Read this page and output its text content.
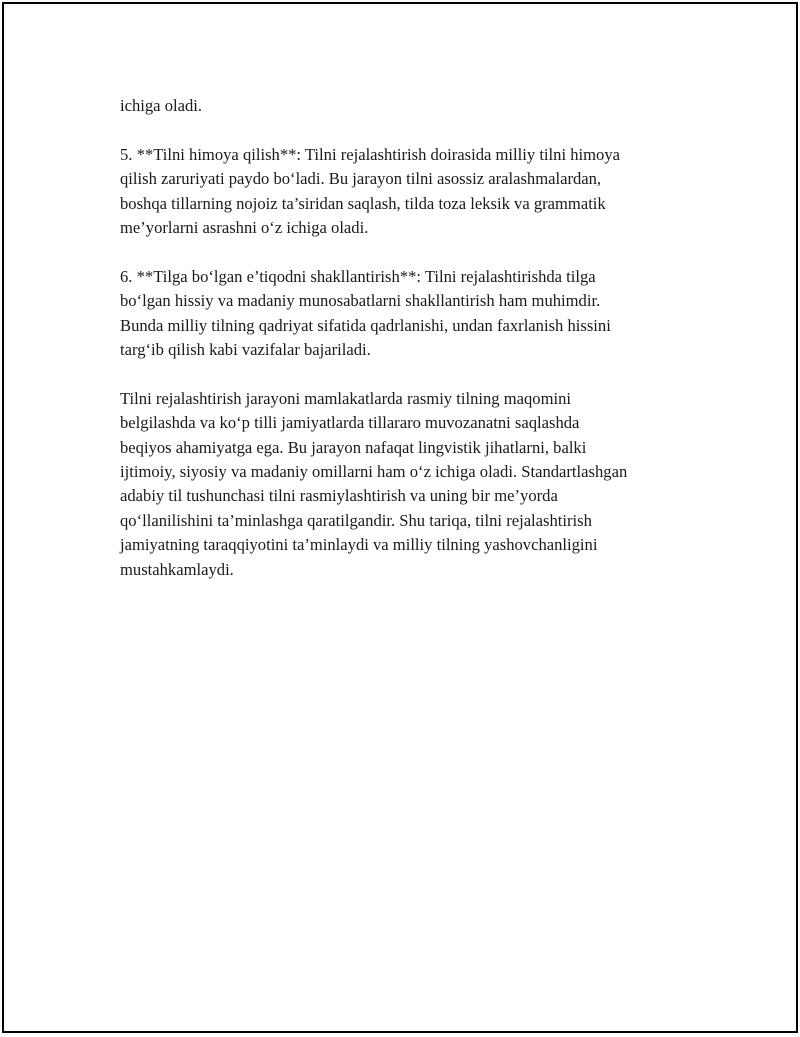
ichiga oladi.

5. **Tilni himoya qilish**: Tilni rejalashtirish doirasida milliy tilni himoya
qilish zaruriyati paydo bo‘ladi. Bu jarayon tilni asossiz aralashmalardan,
boshqa tillarning nojoiz ta’siridan saqlash, tilda toza leksik va grammatik
me’yorlarni asrashni o‘z ichiga oladi.

6. **Tilga bo‘lgan e’tiqodni shakllantirish**: Tilni rejalashtirishda tilga
bo‘lgan hissiy va madaniy munosabatlarni shakllantirish ham muhimdir.
Bunda milliy tilning qadriyat sifatida qadrlanishi, undan faxrlanish hissini
targ‘ib qilish kabi vazifalar bajariladi.

Tilni rejalashtirish jarayoni mamlakatlarda rasmiy tilning maqomini
belgilashda va ko‘p tilli jamiyatlarda tillararo muvozanatni saqlashda
beqiyos ahamiyatga ega. Bu jarayon nafaqat lingvistik jihatlarni, balki
ijtimoiy, siyosiy va madaniy omillarni ham o‘z ichiga oladi. Standartlashgan
adabiy til tushunchasi tilni rasmiylashtirish va uning bir me’yorda
qo‘llanilishini ta’minlashga qaratilgandir. Shu tariqa, tilni rejalashtirish
jamiyatning taraqqiyotini ta’minlaydi va milliy tilning yashovchanligini
mustahkamlaydi.
